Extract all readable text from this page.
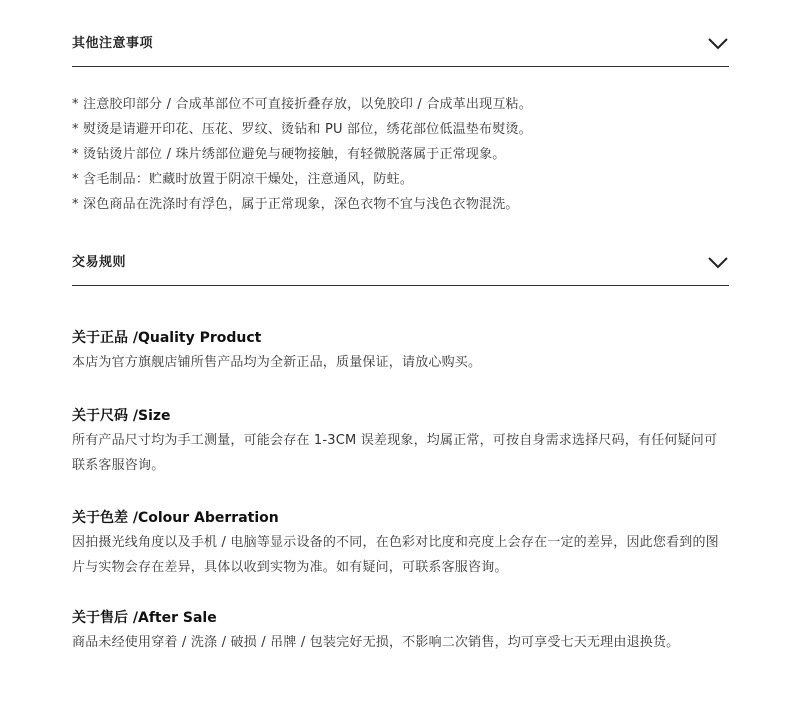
其他注意事项
* 注意胶印部分 / 合成革部位不可直接折叠存放，以免胶印 / 合成革出现互粘。
* 熨烫是请避开印花、压花、罗纹、烫钻和 PU 部位，绣花部位低温垫布熨烫。
* 烫钻烫片部位 / 珠片绣部位避免与硬物接触，有轻微脱落属于正常现象。
* 含毛制品：贮藏时放置于阴凉干燥处，注意通风，防蛀。
* 深色商品在洗涤时有浮色，属于正常现象，深色衣物不宜与浅色衣物混洗。
交易规则
关于正品 /Quality Product
本店为官方旗舰店铺所售产品均为全新正品，质量保证，请放心购买。
关于尺码 /Size
所有产品尺寸均为手工测量，可能会存在 1-3CM 误差现象，均属正常，可按自身需求选择尺码，有任何疑问可联系客服咨询。
关于色差 /Colour Aberration
因拍摄光线角度以及手机 / 电脑等显示设备的不同，在色彩对比度和亮度上会存在一定的差异，因此您看到的图片与实物会存在差异，具体以收到实物为准。如有疑问，可联系客服咨询。
关于售后 /After Sale
商品未经使用穿着 / 洗涤 / 破损 / 吊牌 / 包装完好无损，不影响二次销售，均可享受七天无理由退换货。
